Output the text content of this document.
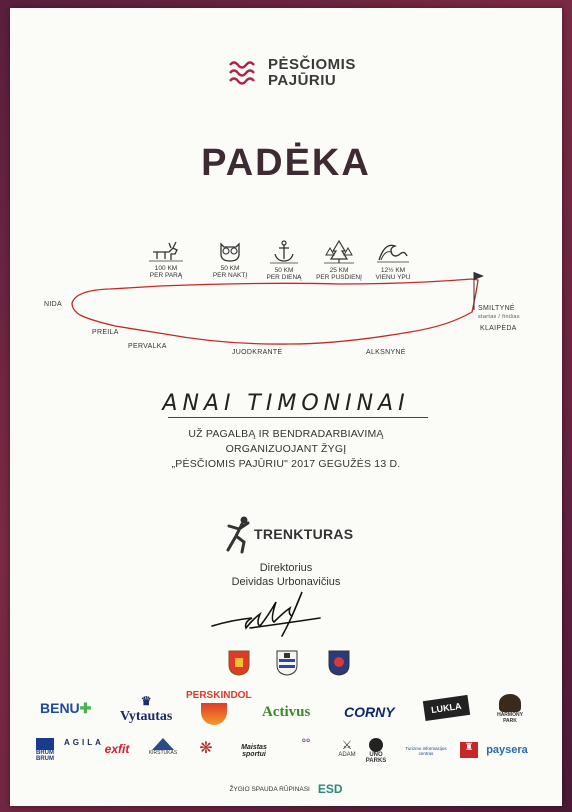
PĖSČIOMIS
PAJŪRIU
PADĖKA
100 KM
PER PARĄ
50 KM
PER NAKTĮ
50 KM
PER DIENĄ
25 KM
PER PUSDIENĮ
12½ KM
VIENU YPU
NIDA
PREILA
PERVALKA
JUODKRANTĖ	ALKSNYNĖ
SMILTYNĖ
startas / finišas
KLAIPĖDA
ANAI TIMONINAI
UŽ PAGALBĄ IR BENDRADARBIAVIMĄ
ORGANIZUOJANT ŽYGĮ
„PĖSČIOMIS PAJŪRIU" 2017 GEGUŽĖS 13 D.
TRENKTURAS
Direktorius
Deividas Urbonavičius
BENU✚	♛
Vytautas
PERSKINDOL
Activus CORNY	LUKLA	HARMONY PARK
BRUM BRUM
AGILA exfit	KIRSTUKAS	❋	Maistas sportui
✿✿	⚔
ADAM	UNO PARKS
Turizmo informacijos centras
♜	paysera
ŽYGIO SPAUDA RŪPINASI ESD
